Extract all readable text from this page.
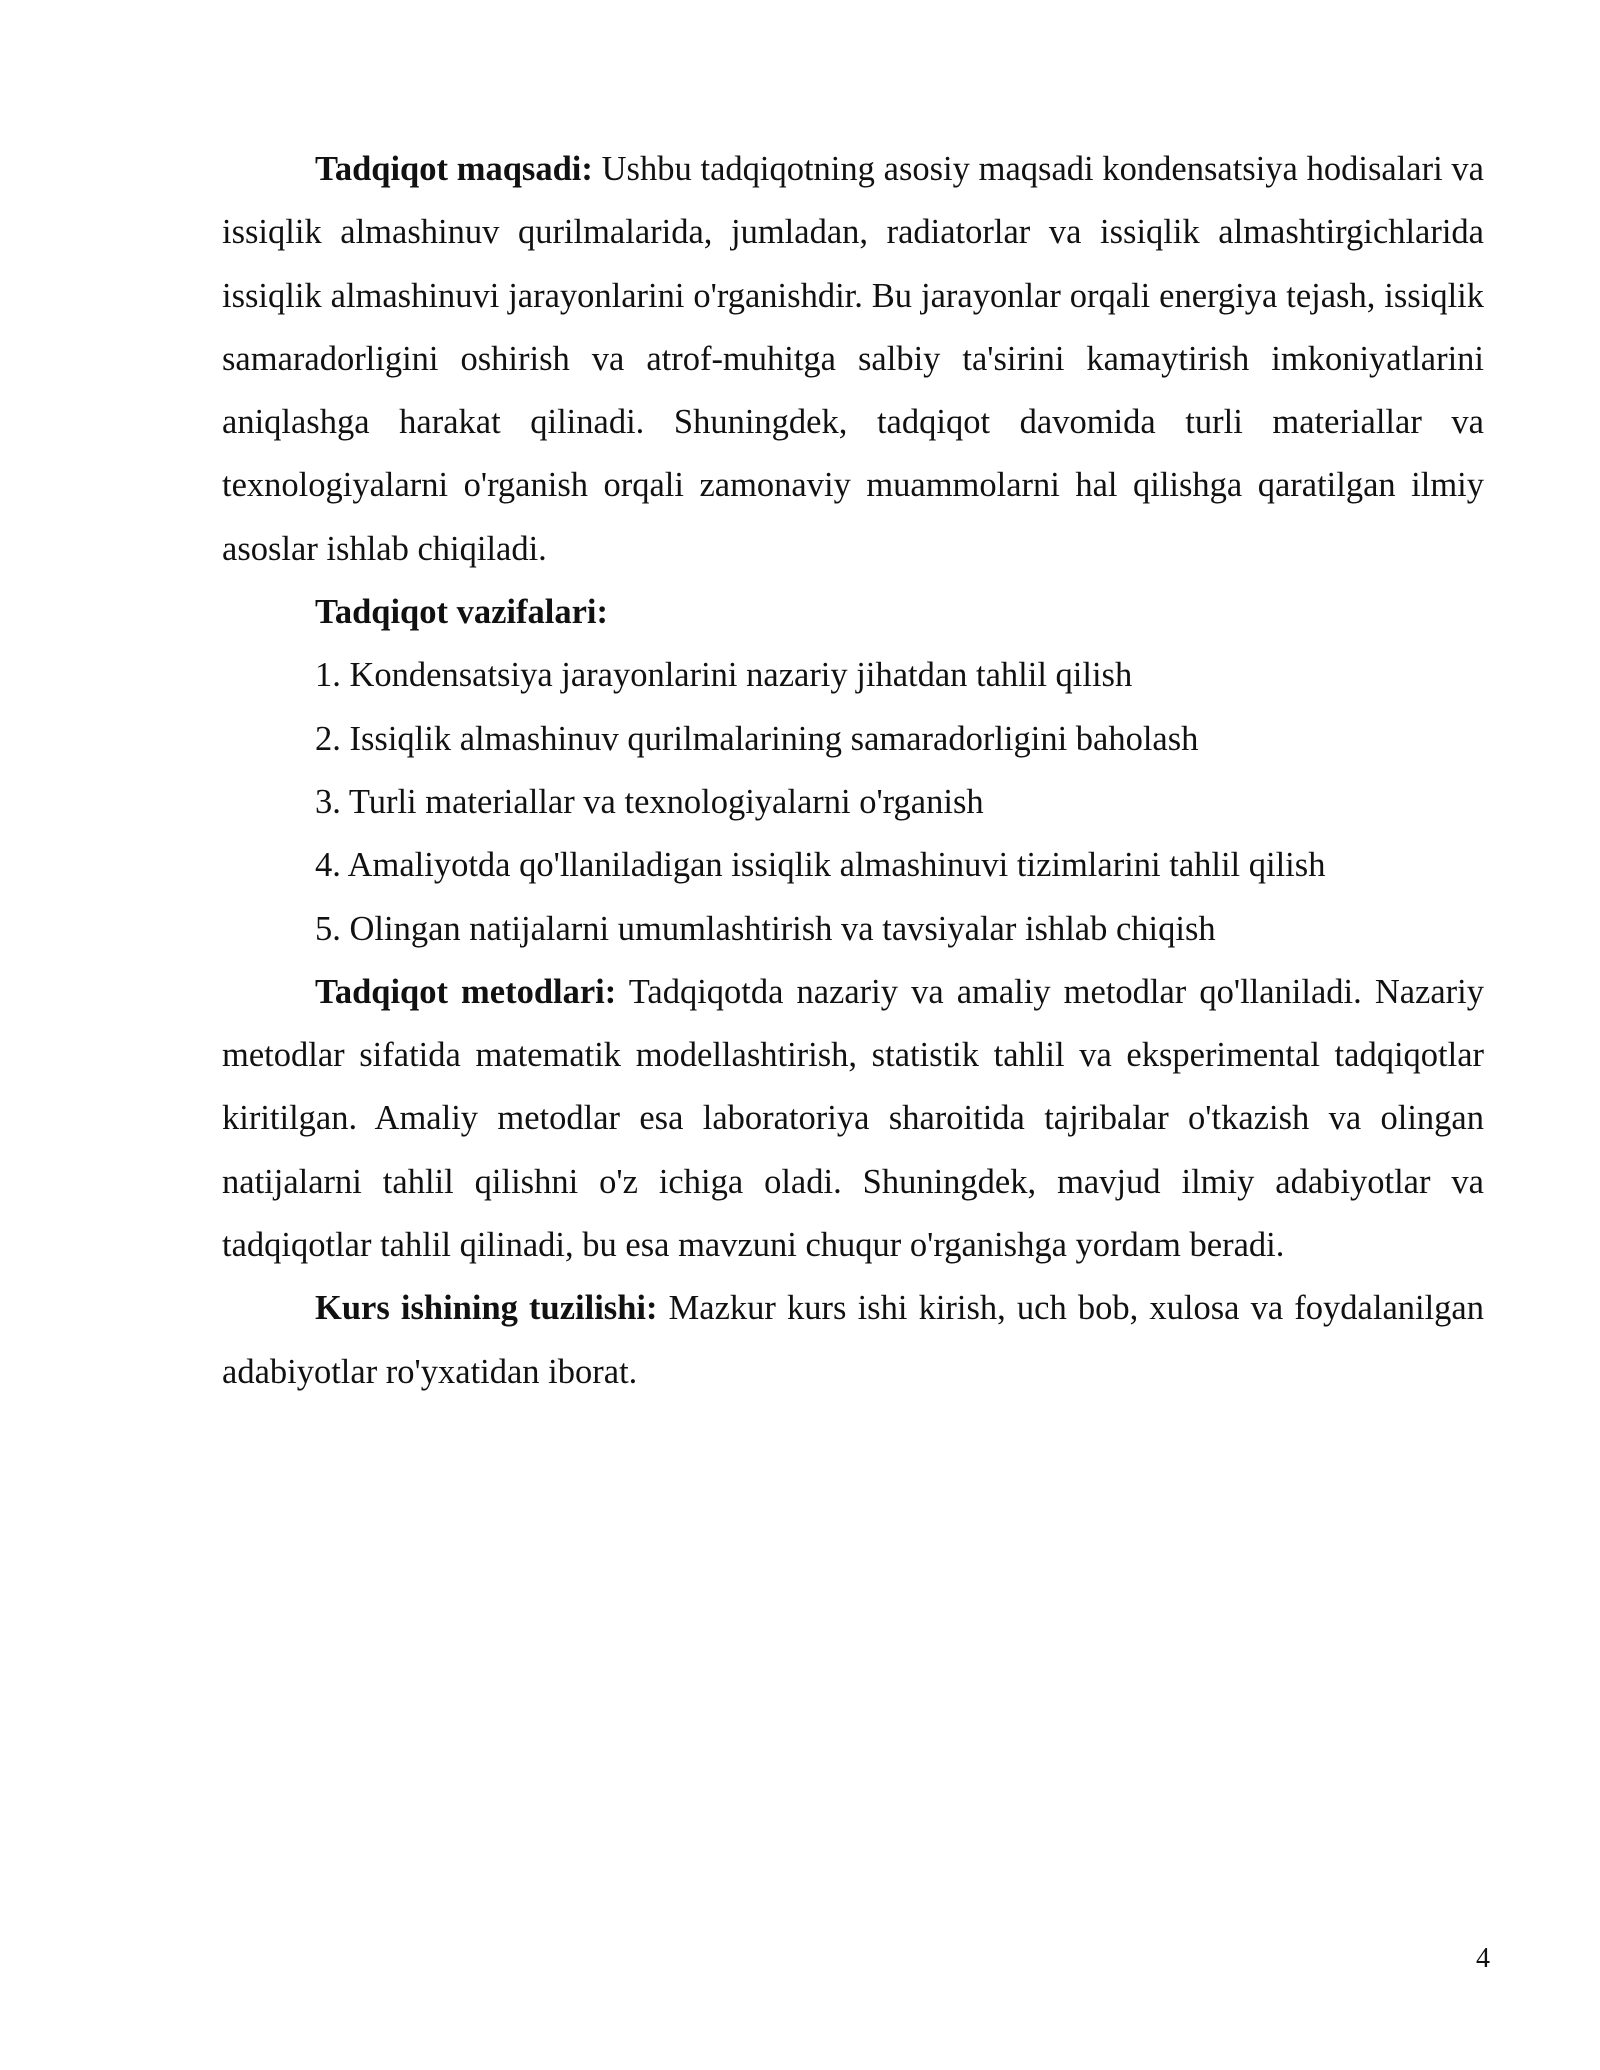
Tadqiqot maqsadi: Ushbu tadqiqotning asosiy maqsadi kondensatsiya hodisalari va issiqlik almashinuv qurilmalarida, jumladan, radiatorlar va issiqlik almashtirgichlarida issiqlik almashinuvi jarayonlarini o'rganishdir. Bu jarayonlar orqali energiya tejash, issiqlik samaradorligini oshirish va atrof-muhitga salbiy ta'sirini kamaytirish imkoniyatlarini aniqlashga harakat qilinadi. Shuningdek, tadqiqot davomida turli materiallar va texnologiyalarni o'rganish orqali zamonaviy muammolarni hal qilishga qaratilgan ilmiy asoslar ishlab chiqiladi.

Tadqiqot vazifalari:

1. Kondensatsiya jarayonlarini nazariy jihatdan tahlil qilish
2. Issiqlik almashinuv qurilmalarining samaradorligini baholash
3. Turli materiallar va texnologiyalarni o'rganish
4. Amaliyotda qo'llaniladigan issiqlik almashinuvi tizimlarini tahlil qilish
5. Olingan natijalarni umumlashtirish va tavsiyalar ishlab chiqish

Tadqiqot metodlari: Tadqiqotda nazariy va amaliy metodlar qo'llaniladi. Nazariy metodlar sifatida matematik modellashtirish, statistik tahlil va eksperimental tadqiqotlar kiritilgan. Amaliy metodlar esa laboratoriya sharoitida tajribalar o'tkazish va olingan natijalarni tahlil qilishni o'z ichiga oladi. Shuningdek, mavjud ilmiy adabiyotlar va tadqiqotlar tahlil qilinadi, bu esa mavzuni chuqur o'rganishga yordam beradi.

Kurs ishining tuzilishi: Mazkur kurs ishi kirish, uch bob, xulosa va foydalanilgan adabiyotlar ro'yxatidan iborat.

4
